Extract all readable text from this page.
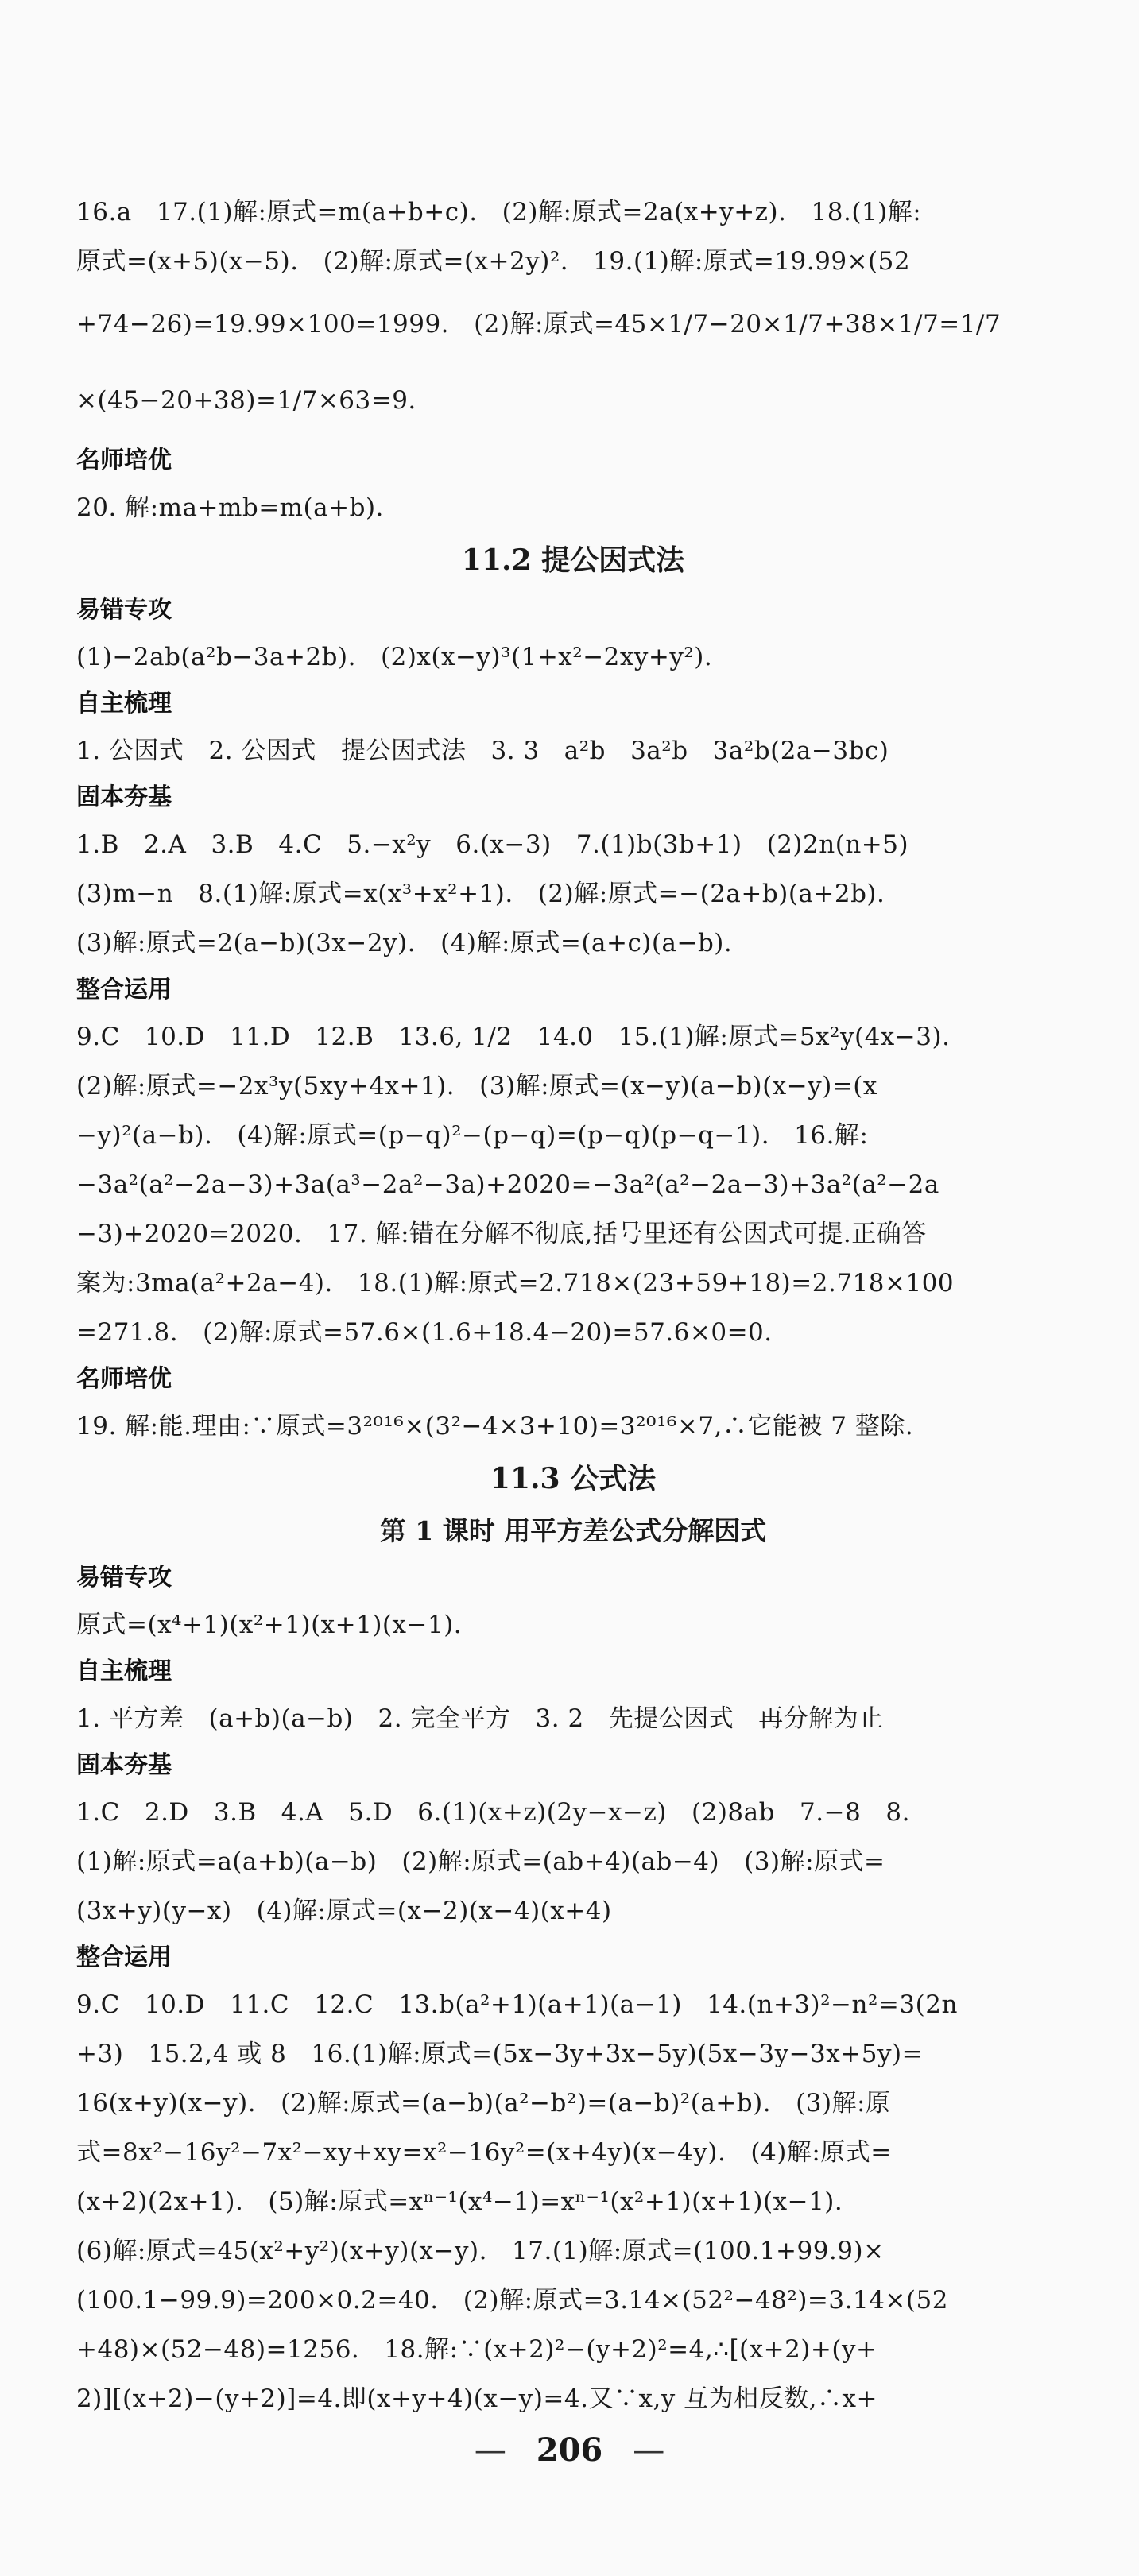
16.a   17.(1)解:原式=m(a+b+c).   (2)解:原式=2a(x+y+z).   18.(1)解:
原式=(x+5)(x−5).   (2)解:原式=(x+2y)².   19.(1)解:原式=19.99×(52
+74−26)=19.99×100=1999.   (2)解:原式=45×1/7−20×1/7+38×1/7=1/7
×(45−20+38)=1/7×63=9.
名师培优
20. 解:ma+mb=m(a+b).
11.2 提公因式法
易错专攻
(1)−2ab(a²b−3a+2b).   (2)x(x−y)³(1+x²−2xy+y²).
自主梳理
1. 公因式   2. 公因式   提公因式法   3. 3   a²b   3a²b   3a²b(2a−3bc)
固本夯基
1.B   2.A   3.B   4.C   5.−x²y   6.(x−3)   7.(1)b(3b+1)   (2)2n(n+5)
(3)m−n   8.(1)解:原式=x(x³+x²+1).   (2)解:原式=−(2a+b)(a+2b).
(3)解:原式=2(a−b)(3x−2y).   (4)解:原式=(a+c)(a−b).
整合运用
9.C   10.D   11.D   12.B   13.6, 1/2   14.0   15.(1)解:原式=5x²y(4x−3).
(2)解:原式=−2x³y(5xy+4x+1).   (3)解:原式=(x−y)(a−b)(x−y)=(x
−y)²(a−b).   (4)解:原式=(p−q)²−(p−q)=(p−q)(p−q−1).   16.解:
−3a²(a²−2a−3)+3a(a³−2a²−3a)+2020=−3a²(a²−2a−3)+3a²(a²−2a
−3)+2020=2020.   17. 解:错在分解不彻底,括号里还有公因式可提.正确答
案为:3ma(a²+2a−4).   18.(1)解:原式=2.718×(23+59+18)=2.718×100
=271.8.   (2)解:原式=57.6×(1.6+18.4−20)=57.6×0=0.
名师培优
19. 解:能.理由:∵原式=3²⁰¹⁶×(3²−4×3+10)=3²⁰¹⁶×7,∴它能被 7 整除.
11.3 公式法
第 1 课时 用平方差公式分解因式
易错专攻
原式=(x⁴+1)(x²+1)(x+1)(x−1).
自主梳理
1. 平方差   (a+b)(a−b)   2. 完全平方   3. 2   先提公因式   再分解为止
固本夯基
1.C   2.D   3.B   4.A   5.D   6.(1)(x+z)(2y−x−z)   (2)8ab   7.−8   8.
(1)解:原式=a(a+b)(a−b)   (2)解:原式=(ab+4)(ab−4)   (3)解:原式=
(3x+y)(y−x)   (4)解:原式=(x−2)(x−4)(x+4)
整合运用
9.C   10.D   11.C   12.C   13.b(a²+1)(a+1)(a−1)   14.(n+3)²−n²=3(2n
+3)   15.2,4 或 8   16.(1)解:原式=(5x−3y+3x−5y)(5x−3y−3x+5y)=
16(x+y)(x−y).   (2)解:原式=(a−b)(a²−b²)=(a−b)²(a+b).   (3)解:原
式=8x²−16y²−7x²−xy+xy=x²−16y²=(x+4y)(x−4y).   (4)解:原式=
(x+2)(2x+1).   (5)解:原式=xⁿ⁻¹(x⁴−1)=xⁿ⁻¹(x²+1)(x+1)(x−1).
(6)解:原式=45(x²+y²)(x+y)(x−y).   17.(1)解:原式=(100.1+99.9)×
(100.1−99.9)=200×0.2=40.   (2)解:原式=3.14×(52²−48²)=3.14×(52
+48)×(52−48)=1256.   18.解:∵(x+2)²−(y+2)²=4,∴[(x+2)+(y+
2)][(x+2)−(y+2)]=4.即(x+y+4)(x−y)=4.又∵x,y 互为相反数,∴x+
— 206 —
